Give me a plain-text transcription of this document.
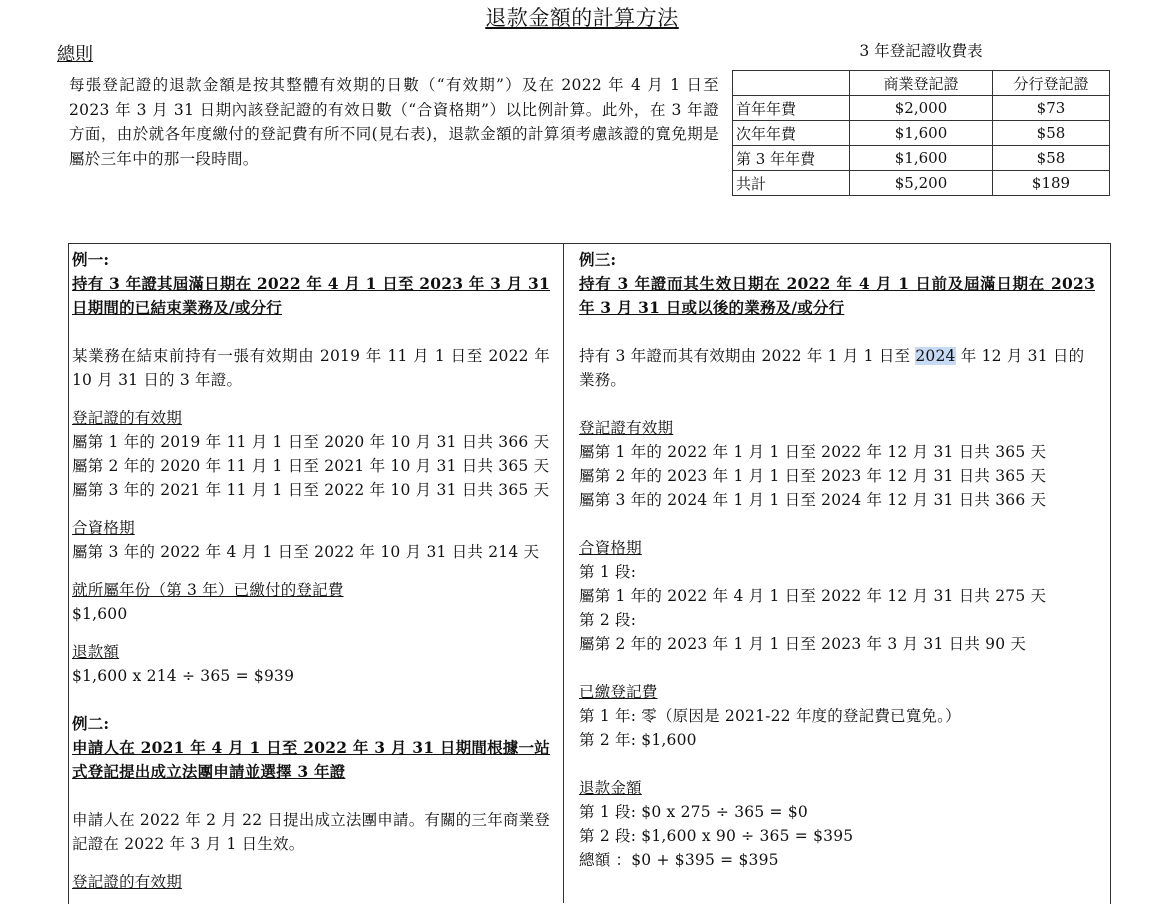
退款金額的計算方法
總則
每張登記證的退款金額是按其整體有效期的日數（“有效期”）及在 2022 年 4 月 1 日至 2023 年 3 月 31 日期內該登記證的有效日數（“合資格期”）以比例計算。此外，在 3 年證方面，由於就各年度繳付的登記費有所不同(見右表)，退款金額的計算須考慮該證的寬免期是屬於三年中的那一段時間。
3 年登記證收費表
	商業登記證	分行登記證
首年年費	$2,000	$73
次年年費	$1,600	$58
第 3 年年費	$1,600	$58
共計	$5,200	$189
例一:
持有 3 年證其屆滿日期在 2022 年 4 月 1 日至 2023 年 3 月 31 日期間的已結束業務及/或分行
某業務在結束前持有一張有效期由 2019 年 11 月 1 日至 2022 年 10 月 31 日的 3 年證。
登記證的有效期
屬第 1 年的 2019 年 11 月 1 日至 2020 年 10 月 31 日共 366 天
屬第 2 年的 2020 年 11 月 1 日至 2021 年 10 月 31 日共 365 天
屬第 3 年的 2021 年 11 月 1 日至 2022 年 10 月 31 日共 365 天
合資格期
屬第 3 年的 2022 年 4 月 1 日至 2022 年 10 月 31 日共 214 天
就所屬年份（第 3 年）已繳付的登記費
$1,600
退款額
$1,600 x 214 ÷ 365 = $939
例二:
申請人在 2021 年 4 月 1 日至 2022 年 3 月 31 日期間根據一站式登記提出成立法團申請並選擇 3 年證
申請人在 2022 年 2 月 22 日提出成立法團申請。有關的三年商業登記證在 2022 年 3 月 1 日生效。
登記證的有效期
例三:
持有 3 年證而其生效日期在 2022 年 4 月 1 日前及屆滿日期在 2023 年 3 月 31 日或以後的業務及/或分行
持有 3 年證而其有效期由 2022 年 1 月 1 日至 2024 年 12 月 31 日的業務。
登記證有效期
屬第 1 年的 2022 年 1 月 1 日至 2022 年 12 月 31 日共 365 天
屬第 2 年的 2023 年 1 月 1 日至 2023 年 12 月 31 日共 365 天
屬第 3 年的 2024 年 1 月 1 日至 2024 年 12 月 31 日共 366 天
合資格期
第 1 段:
屬第 1 年的 2022 年 4 月 1 日至 2022 年 12 月 31 日共 275 天
第 2 段:
屬第 2 年的 2023 年 1 月 1 日至 2023 年 3 月 31 日共 90 天
已繳登記費
第 1 年: 零（原因是 2021-22 年度的登記費已寬免。）
第 2 年: $1,600
退款金額
第 1 段: $0 x 275 ÷ 365 = $0
第 2 段: $1,600 x 90 ÷ 365 = $395
總額 ：$0 + $395 = $395
